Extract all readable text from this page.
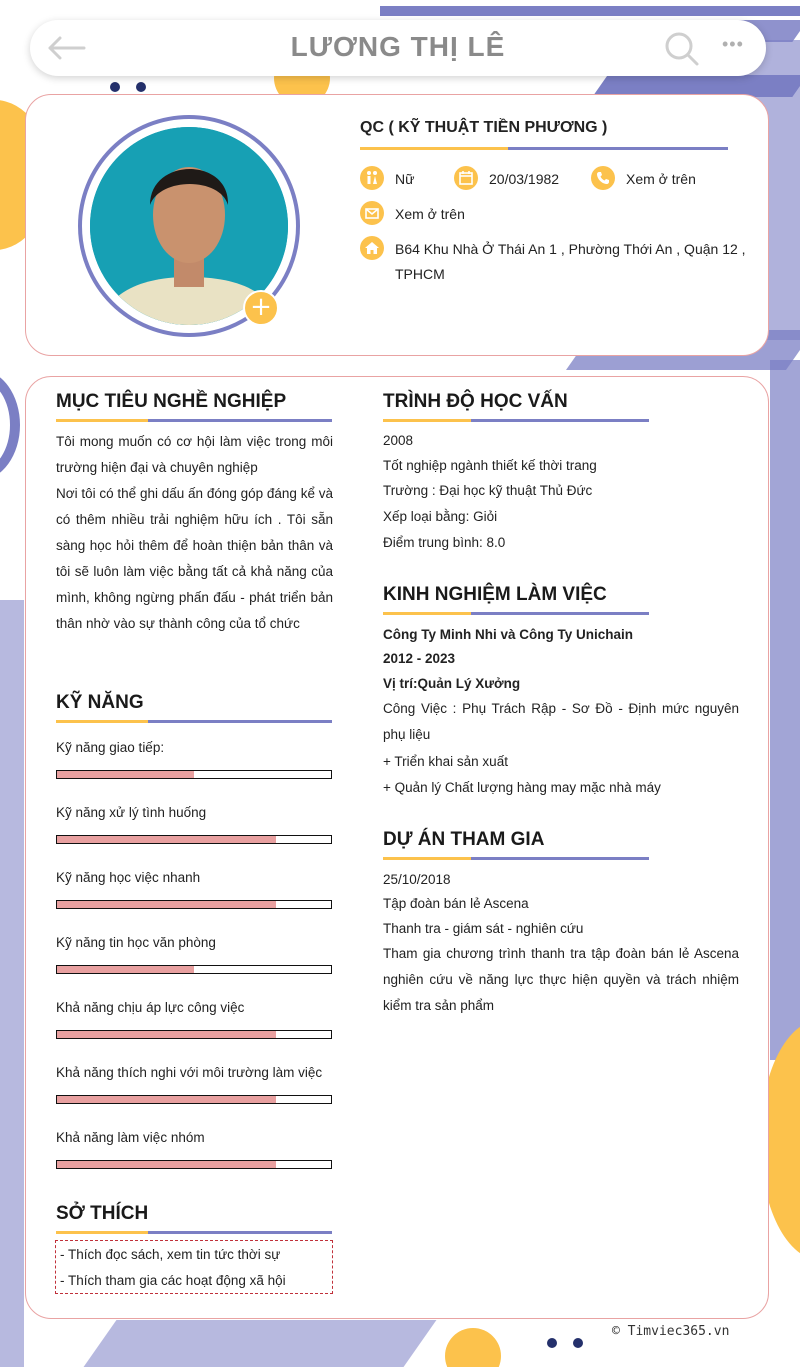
LƯƠNG THỊ LÊ	•••
+
QC ( KỸ THUẬT TIỀN PHƯƠNG )
Nữ	20/03/1982	Xem ở trên
Xem ở trên
B64 Khu Nhà Ở Thái An 1 , Phường Thới An , Quận 12 ,
TPHCM
MỤC TIÊU NGHỀ NGHIỆP
Tôi mong muốn có cơ hội làm việc trong môi trường hiện đại và chuyên nghiệp
Nơi tôi có thể ghi dấu ấn đóng góp đáng kể và có thêm nhiều trải nghiệm hữu ích . Tôi sẵn sàng học hỏi thêm để hoàn thiện bản thân và tôi sẽ luôn làm việc bằng tất cả khả năng của mình, không ngừng phấn đấu - phát triển bản thân nhờ vào sự thành công của tổ chức
KỸ NĂNG
Kỹ năng giao tiếp:
Kỹ năng xử lý tình huống
Kỹ năng học việc nhanh
Kỹ năng tin học văn phòng
Khả năng chịu áp lực công việc
Khả năng thích nghi với môi trường làm việc
Khả năng làm việc nhóm
SỞ THÍCH
- Thích đọc sách, xem tin tức thời sự
- Thích tham gia các hoạt động xã hội
TRÌNH ĐỘ HỌC VẤN
2008
Tốt nghiệp ngành thiết kế thời trang
Trường : Đại học kỹ thuật Thủ Đức
Xếp loại bằng: Giỏi
Điểm trung bình: 8.0
KINH NGHIỆM LÀM VIỆC
Công Ty Minh Nhi và Công Ty Unichain
2012 - 2023
Vị trí:Quản Lý Xưởng
Công Việc : Phụ Trách Rập - Sơ Đồ - Định mức nguyên phụ liệu
+ Triển khai sản xuất
+ Quản lý Chất lượng hàng may mặc nhà máy
DỰ ÁN THAM GIA
25/10/2018
Tập đoàn bán lẻ Ascena
Thanh tra - giám sát - nghiên cứu
Tham gia chương trình thanh tra tập đoàn bán lẻ Ascena nghiên cứu về năng lực thực hiện quyền và trách nhiệm kiểm tra sản phẩm
© Timviec365.vn
